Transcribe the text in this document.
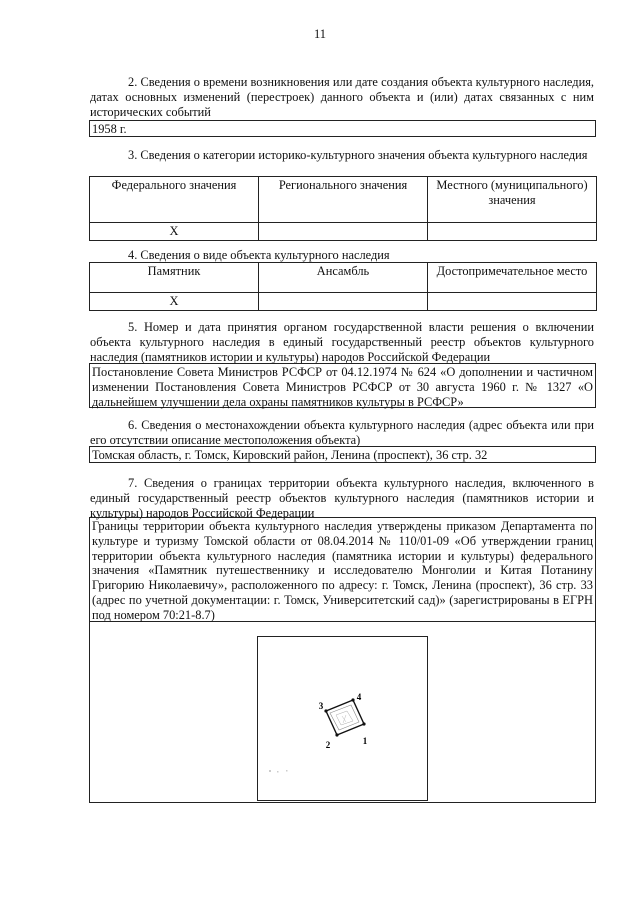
11
2. Сведения о времени возникновения или дате создания объекта культурного наследия, датах основных изменений (перестроек) данного объекта и (или) датах связанных с ним исторических событий
1958 г.
3. Сведения о категории историко-культурного значения объекта культурного наследия
Федерального значения	Регионального значения	Местного (муниципального) значения
Х		
4. Сведения о виде объекта культурного наследия
Памятник	Ансамбль	Достопримечательное место
Х		
5. Номер и дата принятия органом государственной власти решения о включении объекта культурного наследия в единый государственный реестр объектов культурного наследия (памятников истории и культуры) народов Российской Федерации
Постановление Совета Министров РСФСР от 04.12.1974 № 624 «О дополнении и частичном изменении Постановления Совета Министров РСФСР от 30 августа 1960 г. № 1327 «О дальнейшем улучшении дела охраны памятников культуры в РСФСР»
6. Сведения о местонахождении объекта культурного наследия (адрес объекта или при его отсутствии описание местоположения объекта)
Томская область, г. Томск, Кировский район, Ленина (проспект), 36 стр. 32
7. Сведения о границах территории объекта культурного наследия, включенного в единый государственный реестр объектов культурного наследия (памятников истории и культуры) народов Российской Федерации
Границы территории объекта культурного наследия утверждены приказом Департамента по культуре и туризму Томской области от 08.04.2014 № 110/01-09 «Об утверждении границ территории объекта культурного наследия (памятника истории и культуры) федерального значения «Памятник путешественнику и исследователю Монголии и Китая Потанину Григорию Николаевичу», расположенного по адресу: г. Томск, Ленина (проспект), 36 стр. 33 (адрес по учетной документации: г. Томск, Университетский сад)» (зарегистрированы в ЕГРН под номером 70:21-8.7)
1
2
3
4
